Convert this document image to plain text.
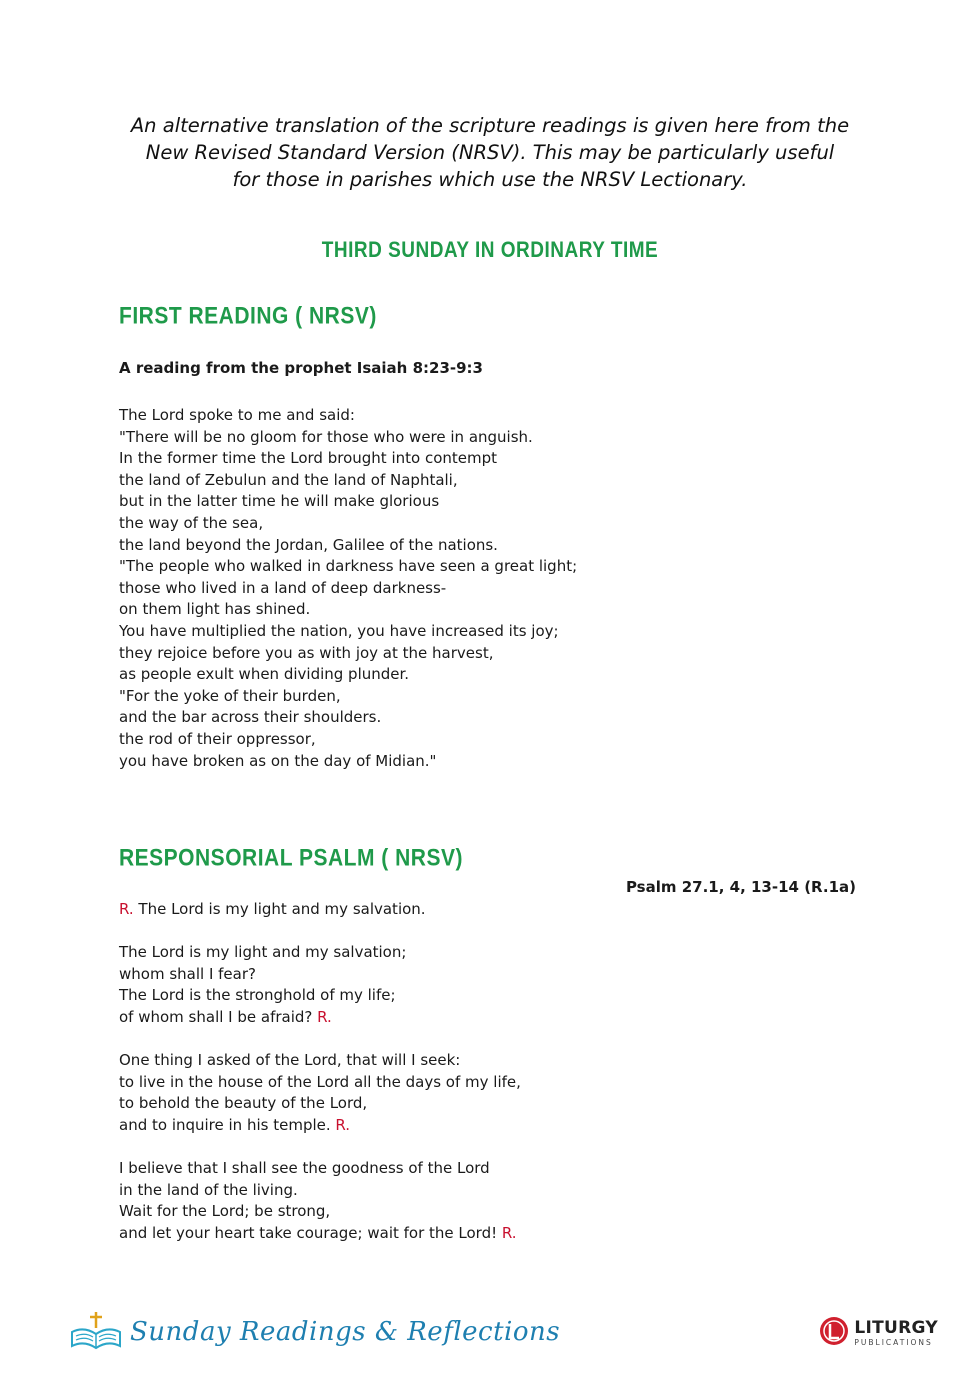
An alternative translation of the scripture readings is given here from the
New Revised Standard Version (NRSV). This may be particularly useful
for those in parishes which use the NRSV Lectionary.
THIRD SUNDAY IN ORDINARY TIME
FIRST READING ( NRSV)
A reading from the prophet Isaiah 8:23-9:3
The Lord spoke to me and said:
"There will be no gloom for those who were in anguish.
In the former time the Lord brought into contempt
the land of Zebulun and the land of Naphtali,
but in the latter time he will make glorious
the way of the sea,
the land beyond the Jordan, Galilee of the nations.
"The people who walked in darkness have seen a great light;
those who lived in a land of deep darkness-
on them light has shined.
You have multiplied the nation, you have increased its joy;
they rejoice before you as with joy at the harvest,
as people exult when dividing plunder.
"For the yoke of their burden,
and the bar across their shoulders.
the rod of their oppressor,
you have broken as on the day of Midian."
RESPONSORIAL PSALM ( NRSV)
Psalm 27.1, 4, 13-14 (R.1a)
R. The Lord is my light and my salvation.
The Lord is my light and my salvation;
whom shall I fear?
The Lord is the stronghold of my life;
of whom shall I be afraid? R.
One thing I asked of the Lord, that will I seek:
to live in the house of the Lord all the days of my life,
to behold the beauty of the Lord,
and to inquire in his temple. R.
I believe that I shall see the goodness of the Lord
in the land of the living.
Wait for the Lord; be strong,
and let your heart take courage; wait for the Lord! R.
Sunday Readings & Reflections	LITURGY
PUBLICATIONS
